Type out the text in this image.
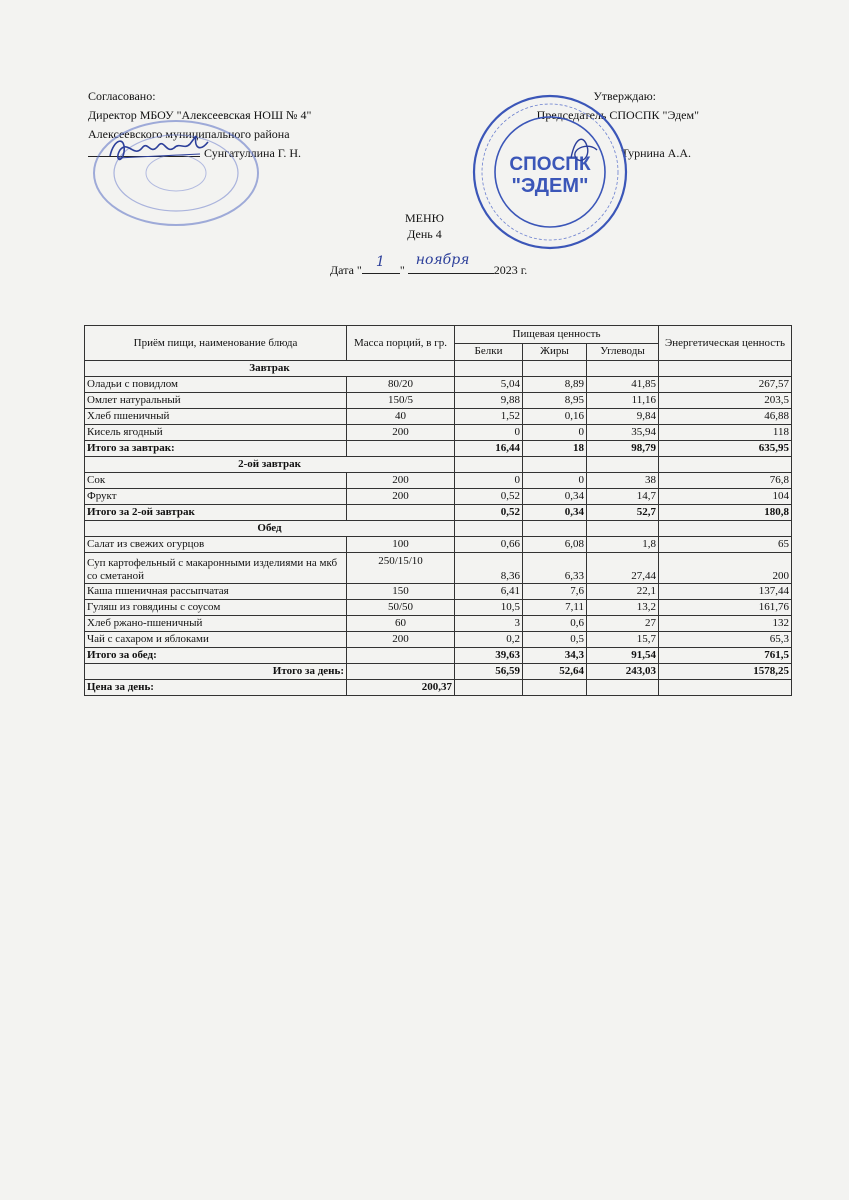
Согласовано:
Директор МБОУ "Алексеевская НОШ № 4"
Алексеевского муниципального района
Сунгатуллина Г. Н.
Утверждаю:
Председатель СПОСПК "Эдем"
Турнина А.А.
СПОСПК
"ЭДЕМ"
МЕНЮ
День 4
Дата " 1 "
ноября
2023 г.
Приём пищи, наименование блюда	Масса порций, в гр.	Пищевая ценность			Энергетическая ценность
		Белки	Жиры	Углеводы	
Завтрак					
Оладьи с повидлом	80/20	5,04	8,89	41,85	267,57
Омлет натуральный	150/5	9,88	8,95	11,16	203,5
Хлеб пшеничный	40	1,52	0,16	9,84	46,88
Кисель ягодный	200	0	0	35,94	118
Итого за завтрак:		16,44	18	98,79	635,95
2-ой завтрак					
Сок	200	0	0	38	76,8
Фрукт	200	0,52	0,34	14,7	104
Итого за 2-ой завтрак		0,52	0,34	52,7	180,8
Обед					
Салат из свежих огурцов	100	0,66	6,08	1,8	65
Суп картофельный с макаронными изделиями на мкб со сметаной	250/15/10	8,36	6,33	27,44	200
Каша пшеничная рассыпчатая	150	6,41	7,6	22,1	137,44
Гуляш из говядины с соусом	50/50	10,5	7,11	13,2	161,76
Хлеб ржано-пшеничный	60	3	0,6	27	132
Чай с сахаром и яблоками	200	0,2	0,5	15,7	65,3
Итого за обед:		39,63	34,3	91,54	761,5
Итого за день:		56,59	52,64	243,03	1578,25
Цена за день:	200,37				
